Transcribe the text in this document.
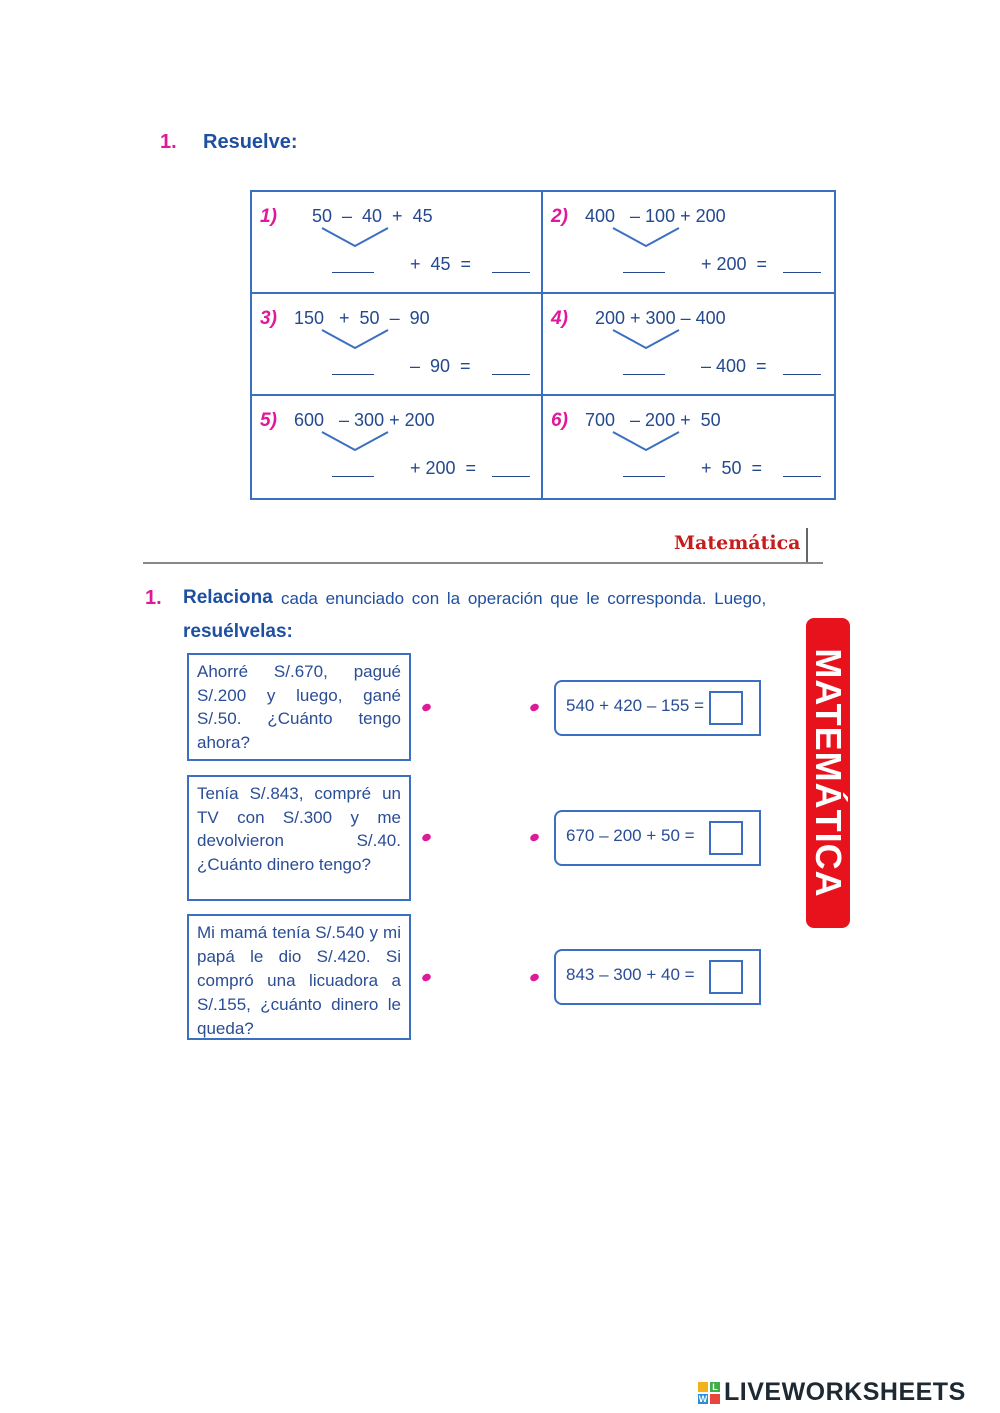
1. Resuelve:
1) 50  –  40  +  45
+  45  =
2) 400   – 100 + 200
+ 200  =
3) 150   +  50  –  90
–  90  =
4) 200 + 300 – 400
– 400  =
5) 600   – 300 + 200
+ 200  =
6) 700   – 200 +  50
+  50  =
Matemática
1. Relaciona cada enunciado con la operación que le corresponda. Luego,
resuélvelas:
Ahorré S/.670, pagué S/.200 y luego, gané S/.50. ¿Cuánto tengo ahora?
Tenía S/.843, compré un TV con S/.300 y me devolvieron S/.40. ¿Cuánto dinero tengo?
Mi mamá tenía S/.540 y mi papá le dio S/.420. Si compró una licuadora a S/.155, ¿cuánto dinero le queda?
540 + 420 – 155 =
670 – 200 + 50 =
843 – 300 + 40 =
MATEMÁTICA
L
W LIVEWORKSHEETS
